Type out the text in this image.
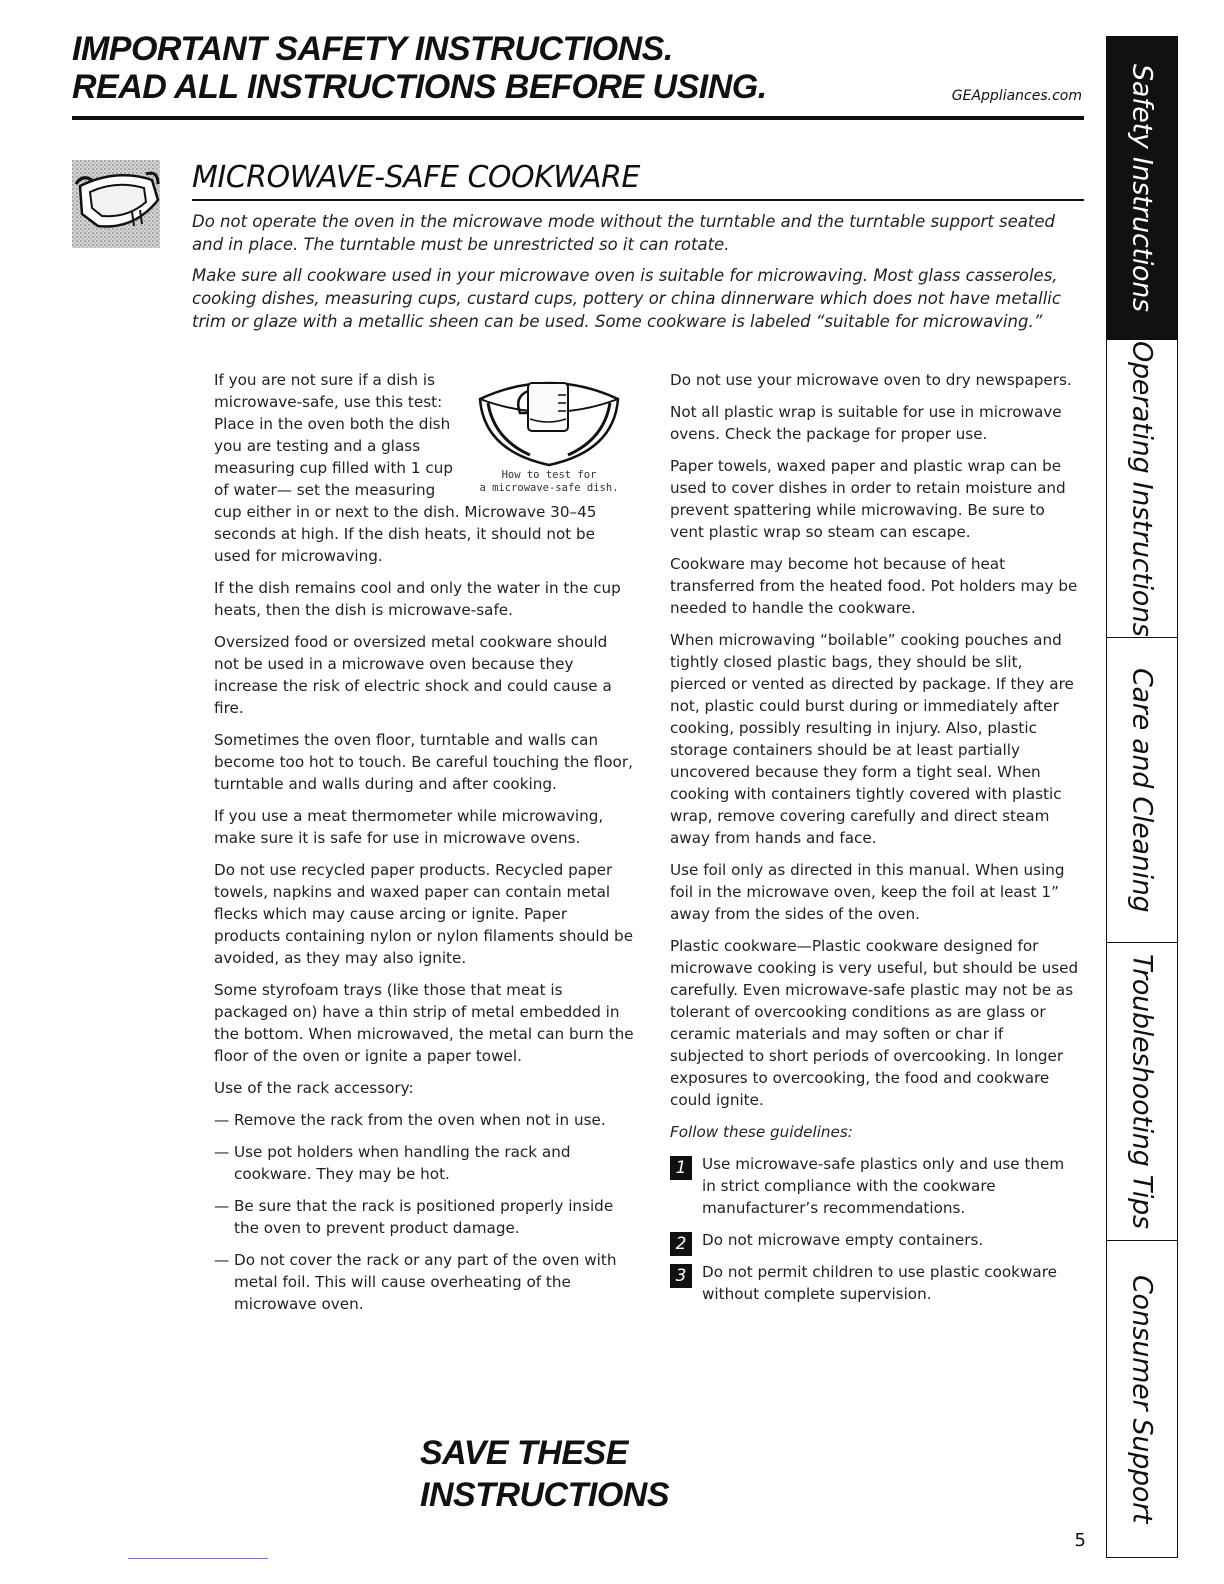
IMPORTANT SAFETY INSTRUCTIONS.
READ ALL INSTRUCTIONS BEFORE USING.	GEAppliances.com
MICROWAVE-SAFE COOKWARE

Do not operate the oven in the microwave mode without the turntable and the turntable support seated and in place. The turntable must be unrestricted so it can rotate.

Make sure all cookware used in your microwave oven is suitable for microwaving. Most glass casseroles, cooking dishes, measuring cups, custard cups, pottery or china dinnerware which does not have metallic trim or glaze with a metallic sheen can be used. Some cookware is labeled “suitable for microwaving.”

How to test for
a microwave-safe dish.

If you are not sure if a dish is microwave-safe, use this test: Place in the oven both the dish you are testing and a glass measuring cup filled with 1 cup of water— set the measuring cup either in or next to the dish. Microwave 30–45 seconds at high. If the dish heats, it should not be used for microwaving.

If the dish remains cool and only the water in the cup heats, then the dish is microwave-safe.

Oversized food or oversized metal cookware should not be used in a microwave oven because they increase the risk of electric shock and could cause a fire.

Sometimes the oven floor, turntable and walls can become too hot to touch. Be careful touching the floor, turntable and walls during and after cooking.

If you use a meat thermometer while microwaving, make sure it is safe for use in microwave ovens.

Do not use recycled paper products. Recycled paper towels, napkins and waxed paper can contain metal flecks which may cause arcing or ignite. Paper products containing nylon or nylon filaments should be avoided, as they may also ignite.

Some styrofoam trays (like those that meat is packaged on) have a thin strip of metal embedded in the bottom. When microwaved, the metal can burn the floor of the oven or ignite a paper towel.

Use of the rack accessory:

— Remove the rack from the oven when not in use.

— Use pot holders when handling the rack and cookware. They may be hot.

— Be sure that the rack is positioned properly inside the oven to prevent product damage.

— Do not cover the rack or any part of the oven with metal foil. This will cause overheating of the microwave oven.

Do not use your microwave oven to dry newspapers.

Not all plastic wrap is suitable for use in microwave ovens. Check the package for proper use.

Paper towels, waxed paper and plastic wrap can be used to cover dishes in order to retain moisture and prevent spattering while microwaving. Be sure to vent plastic wrap so steam can escape.

Cookware may become hot because of heat transferred from the heated food. Pot holders may be needed to handle the cookware.

When microwaving “boilable” cooking pouches and tightly closed plastic bags, they should be slit, pierced or vented as directed by package. If they are not, plastic could burst during or immediately after cooking, possibly resulting in injury. Also, plastic storage containers should be at least partially uncovered because they form a tight seal. When cooking with containers tightly covered with plastic wrap, remove covering carefully and direct steam away from hands and face.

Use foil only as directed in this manual. When using foil in the microwave oven, keep the foil at least 1” away from the sides of the oven.

Plastic cookware—Plastic cookware designed for microwave cooking is very useful, but should be used carefully. Even microwave-safe plastic may not be as tolerant of overcooking conditions as are glass or ceramic materials and may soften or char if subjected to short periods of overcooking. In longer exposures to overcooking, the food and cookware could ignite.

Follow these guidelines:

1	Use microwave-safe plastics only and use them in strict compliance with the cookware manufacturer’s recommendations.
2	Do not microwave empty containers.
3	Do not permit children to use plastic cookware without complete supervision.
SAVE THESE INSTRUCTIONS
5
Safety Instructions
Operating Instructions
Care and Cleaning
Troubleshooting Tips
Consumer Support
